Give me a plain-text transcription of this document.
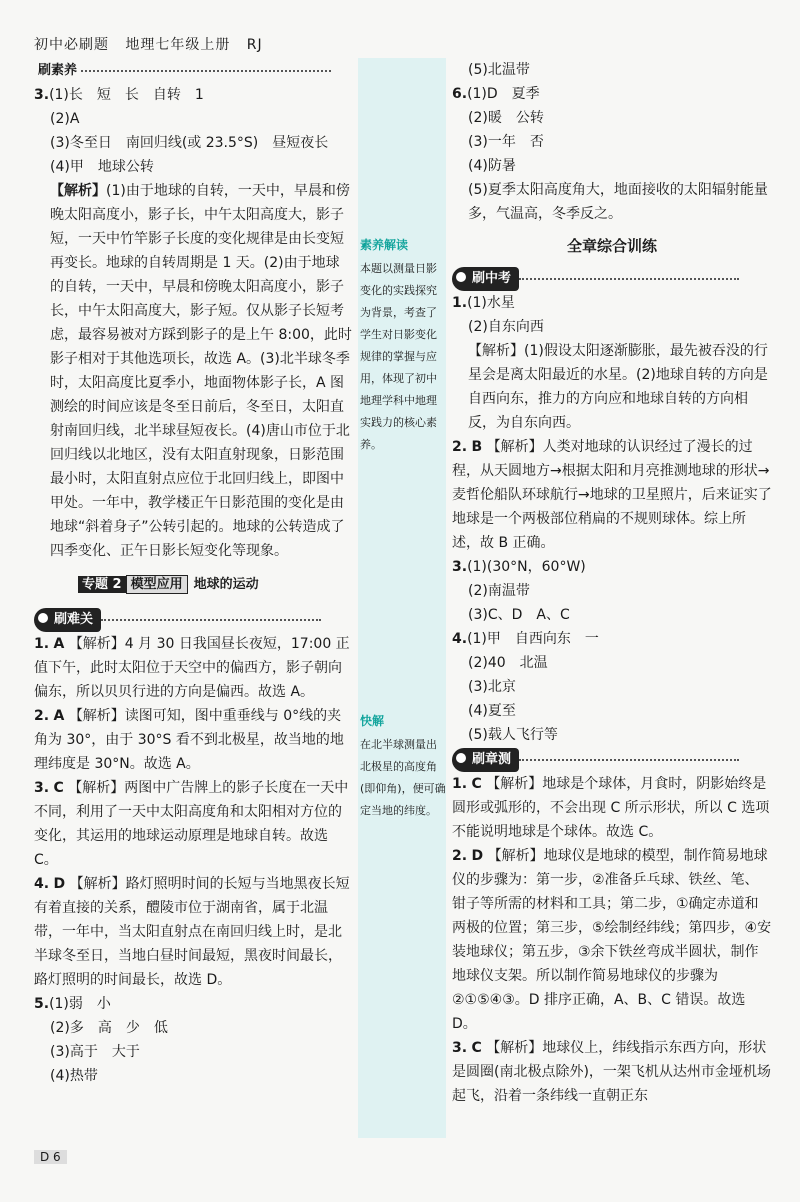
初中必刷题 地理七年级上册 RJ
素养解读
本题以测量日影变化的实践探究为背景，考查了学生对日影变化规律的掌握与应用，体现了初中地理学科中地理实践力的核心素养。
快解
在北半球测量出北极星的高度角(即仰角)，便可确定当地的纬度。

刷素养

3.(1)长　短　长　自转　1

(2)A

(3)冬至日　南回归线(或 23.5°S)　昼短夜长

(4)甲　地球公转

【解析】(1)由于地球的自转，一天中，早晨和傍晚太阳高度小，影子长，中午太阳高度大，影子短，一天中竹竿影子长度的变化规律是由长变短再变长。地球的自转周期是 1 天。(2)由于地球的自转，一天中，早晨和傍晚太阳高度小，影子长，中午太阳高度大，影子短。仅从影子长短考虑，最容易被对方踩到影子的是上午 8:00，此时影子相对于其他选项长，故选 A。(3)北半球冬季时，太阳高度比夏季小，地面物体影子长，A 图测绘的时间应该是冬至日前后，冬至日，太阳直射南回归线，北半球昼短夜长。(4)唐山市位于北回归线以北地区，没有太阳直射现象，日影范围最小时，太阳直射点应位于北回归线上，即图中甲处。一年中，教学楼正午日影范围的变化是由地球“斜着身子”公转引起的。地球的公转造成了四季变化、正午日影长短变化等现象。

专题 2 模型应用 地球的运动

刷难关

1. A 【解析】4 月 30 日我国昼长夜短，17:00 正值下午，此时太阳位于天空中的偏西方，影子朝向偏东，所以贝贝行进的方向是偏西。故选 A。

2. A 【解析】读图可知，图中重垂线与 0°线的夹角为 30°，由于 30°S 看不到北极星，故当地的地理纬度是 30°N。故选 A。

3. C 【解析】两图中广告牌上的影子长度在一天中不同，利用了一天中太阳高度角和太阳相对方位的变化，其运用的地球运动原理是地球自转。故选 C。

4. D 【解析】路灯照明时间的长短与当地黑夜长短有着直接的关系，醴陵市位于湖南省，属于北温带，一年中，当太阳直射点在南回归线上时，是北半球冬至日，当地白昼时间最短，黑夜时间最长，路灯照明的时间最长，故选 D。

5.(1)弱　小

(2)多　高　少　低

(3)高于　大于

(4)热带

(5)北温带

6.(1)D　夏季

(2)暖　公转

(3)一年　否

(4)防暑

(5)夏季太阳高度角大，地面接收的太阳辐射能量多，气温高，冬季反之。

全章综合训练

刷中考

1.(1)水星

(2)自东向西

【解析】(1)假设太阳逐渐膨胀，最先被吞没的行星会是离太阳最近的水星。(2)地球自转的方向是自西向东，推力的方向应和地球自转的方向相反，为自东向西。

2. B 【解析】人类对地球的认识经过了漫长的过程，从天圆地方→根据太阳和月亮推测地球的形状→麦哲伦船队环球航行→地球的卫星照片，后来证实了地球是一个两极部位稍扁的不规则球体。综上所述，故 B 正确。

3.(1)(30°N，60°W)

(2)南温带

(3)C、D　A、C

4.(1)甲　自西向东　一

(2)40　北温

(3)北京

(4)夏至

(5)载人飞行等

刷章测

1. C 【解析】地球是个球体，月食时，阴影始终是圆形或弧形的，不会出现 C 所示形状，所以 C 选项不能说明地球是个球体。故选 C。

2. D 【解析】地球仪是地球的模型，制作简易地球仪的步骤为：第一步，②准备乒乓球、铁丝、笔、钳子等所需的材料和工具；第二步，①确定赤道和两极的位置；第三步，⑤绘制经纬线；第四步，④安装地球仪；第五步，③余下铁丝弯成半圆状，制作地球仪支架。所以制作简易地球仪的步骤为②①⑤④③。D 排序正确，A、B、C 错误。故选 D。

3. C 【解析】地球仪上，纬线指示东西方向，形状是圆圈(南北极点除外)，一架飞机从达州市金垭机场起飞，沿着一条纬线一直朝正东

D 6
